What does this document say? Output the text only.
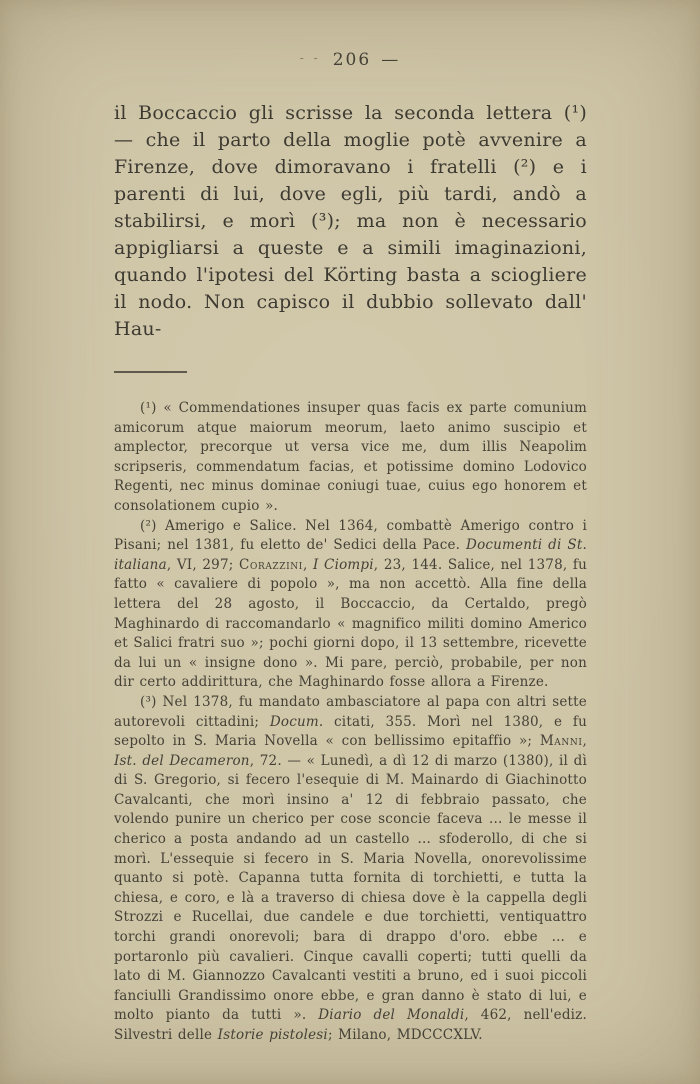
- - 206 —
il Boccaccio gli scrisse la seconda lettera (¹) — che il parto della moglie potè avvenire a Firenze, dove dimoravano i fratelli (²) e i parenti di lui, dove egli, più tardi, andò a stabilirsi, e morì (³); ma non è necessario appigliarsi a queste e a simili imaginazioni, quando l'ipotesi del Körting basta a sciogliere il nodo. Non capisco il dubbio sollevato dall' Hau-

(¹) « Commendationes insuper quas facis ex parte comunium amicorum atque maiorum meorum, laeto animo suscipio et amplector, precorque ut versa vice me, dum illis Neapolim scripseris, commendatum facias, et potissime domino Lodovico Regenti, nec minus dominae coniugi tuae, cuius ego honorem et consolationem cupio ».

(²) Amerigo e Salice. Nel 1364, combattè Amerigo contro i Pisani; nel 1381, fu eletto de' Sedici della Pace. Documenti di St. italiana, VI, 297; Corazzini, I Ciompi, 23, 144. Salice, nel 1378, fu fatto « cavaliere di popolo », ma non accettò. Alla fine della lettera del 28 agosto, il Boccaccio, da Certaldo, pregò Maghinardo di raccomandarlo « magnifico militi domino Americo et Salici fratri suo »; pochi giorni dopo, il 13 settembre, ricevette da lui un « insigne dono ». Mi pare, perciò, probabile, per non dir certo addirittura, che Maghinardo fosse allora a Firenze.

(³) Nel 1378, fu mandato ambasciatore al papa con altri sette autorevoli cittadini; Docum. citati, 355. Morì nel 1380, e fu sepolto in S. Maria Novella « con bellissimo epitaffio »; Manni, Ist. del Decameron, 72. — « Lunedì, a dì 12 di marzo (1380), il dì di S. Gregorio, si fecero l'esequie di M. Mainardo di Giachinotto Cavalcanti, che morì insino a' 12 di febbraio passato, che volendo punire un cherico per cose sconcie faceva ... le messe il cherico a posta andando ad un castello ... sfoderollo, di che si morì. L'essequie si fecero in S. Maria Novella, onorevolissime quanto si potè. Capanna tutta fornita di torchietti, e tutta la chiesa, e coro, e là a traverso di chiesa dove è la cappella degli Strozzi e Rucellai, due candele e due torchietti, ventiquattro torchi grandi onorevoli; bara di drappo d'oro. ebbe ... e portaronlo più cavalieri. Cinque cavalli coperti; tutti quelli da lato di M. Giannozzo Cavalcanti vestiti a bruno, ed i suoi piccoli fanciulli Grandissimo onore ebbe, e gran danno è stato di lui, e molto pianto da tutti ». Diario del Monaldi, 462, nell'ediz. Silvestri delle Istorie pistolesi; Milano, MDCCCXLV.
